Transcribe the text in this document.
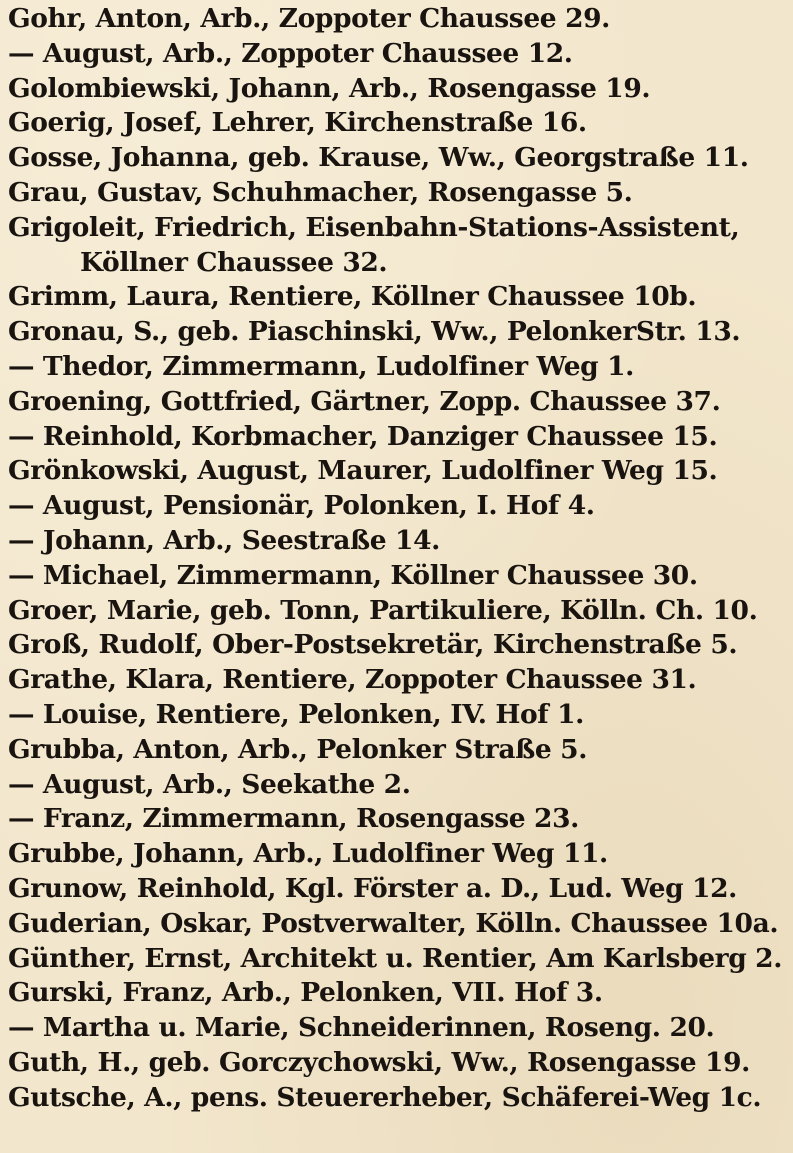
Gohr, Anton, Arb., Zoppoter Chaussee 29.
— August, Arb., Zoppoter Chaussee 12.
Golombiewski, Johann, Arb., Rosengasse 19.
Goerig, Josef, Lehrer, Kirchenstraße 16.
Gosse, Johanna, geb. Krause, Ww., Georgstraße 11.
Grau, Gustav, Schuhmacher, Rosengasse 5.
Grigoleit, Friedrich, Eisenbahn-Stations-Assistent,
Köllner Chaussee 32.
Grimm, Laura, Rentiere, Köllner Chaussee 10b.
Gronau, S., geb. Piaschinski, Ww., PelonkerStr. 13.
— Thedor, Zimmermann, Ludolfiner Weg 1.
Groening, Gottfried, Gärtner, Zopp. Chaussee 37.
— Reinhold, Korbmacher, Danziger Chaussee 15.
Grönkowski, August, Maurer, Ludolfiner Weg 15.
— August, Pensionär, Polonken, I. Hof 4.
— Johann, Arb., Seestraße 14.
— Michael, Zimmermann, Köllner Chaussee 30.
Groer, Marie, geb. Tonn, Partikuliere, Kölln. Ch. 10.
Groß, Rudolf, Ober-Postsekretär, Kirchenstraße 5.
Grathe, Klara, Rentiere, Zoppoter Chaussee 31.
— Louise, Rentiere, Pelonken, IV. Hof 1.
Grubba, Anton, Arb., Pelonker Straße 5.
— August, Arb., Seekathe 2.
— Franz, Zimmermann, Rosengasse 23.
Grubbe, Johann, Arb., Ludolfiner Weg 11.
Grunow, Reinhold, Kgl. Förster a. D., Lud. Weg 12.
Guderian, Oskar, Postverwalter, Kölln. Chaussee 10a.
Günther, Ernst, Architekt u. Rentier, Am Karlsberg 2.
Gurski, Franz, Arb., Pelonken, VII. Hof 3.
— Martha u. Marie, Schneiderinnen, Roseng. 20.
Guth, H., geb. Gorczychowski, Ww., Rosengasse 19.
Gutsche, A., pens. Steuererheber, Schäferei-Weg 1c.
